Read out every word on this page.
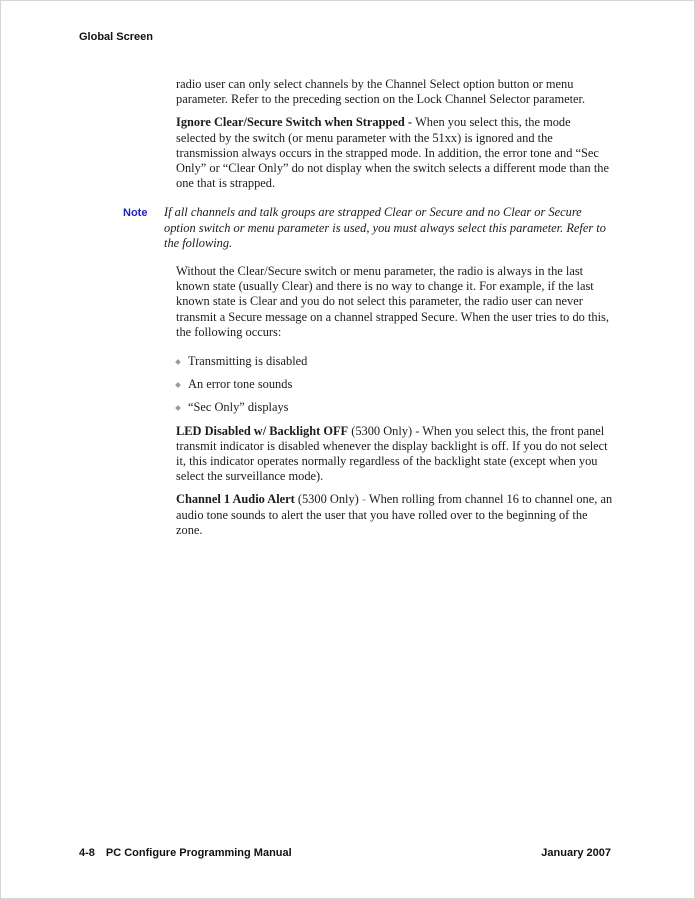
Global Screen

radio user can only select channels by the Channel Select option button or menu parameter. Refer to the preceding section on the Lock Channel Selector parameter.

Ignore Clear/Secure Switch when Strapped - When you select this, the mode selected by the switch (or menu parameter with the 51xx) is ignored and the transmission always occurs in the strapped mode. In addition, the error tone and “Sec Only” or “Clear Only” do not display when the switch selects a different mode than the one that is strapped.

Note	If all channels and talk groups are strapped Clear or Secure and no Clear or Secure option switch or menu parameter is used, you must always select this parameter. Refer to the following.

Without the Clear/Secure switch or menu parameter, the radio is always in the last known state (usually Clear) and there is no way to change it. For example, if the last known state is Clear and you do not select this parameter, the radio user can never transmit a Secure message on a channel strapped Secure. When the user tries to do this, the following occurs:

Transmitting is disabled
An error tone sounds
“Sec Only” displays

LED Disabled w/ Backlight OFF (5300 Only) - When you select this, the front panel transmit indicator is disabled whenever the display backlight is off. If you do not select it, this indicator operates normally regardless of the backlight state (except when you select the surveillance mode).

Channel 1 Audio Alert (5300 Only) - When rolling from channel 16 to channel one, an audio tone sounds to alert the user that you have rolled over to the beginning of the zone.

4-8 PC Configure Programming Manual	January 2007
